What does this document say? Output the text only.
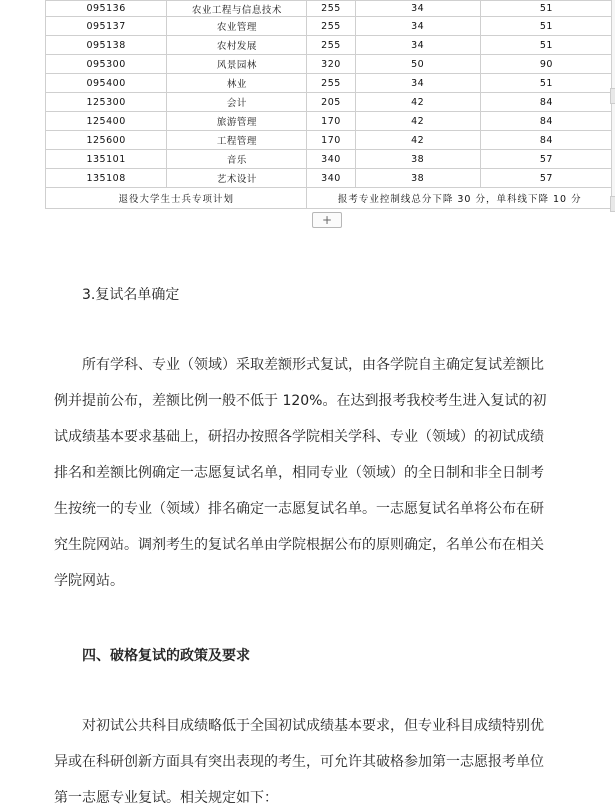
095136	农业工程与信息技术	255	34	51
095137	农业管理	255	34	51
095138	农村发展	255	34	51
095300	风景园林	320	50	90
095400	林业	255	34	51
125300	会计	205	42	84
125400	旅游管理	170	42	84
125600	工程管理	170	42	84
135101	音乐	340	38	57
135108	艺术设计	340	38	57
退役大学生士兵专项计划		报考专业控制线总分下降 30 分，单科线下降 10 分		
+
3.复试名单确定
所有学科、专业（领域）采取差额形式复试，由各学院自主确定复试差额比
例并提前公布，差额比例一般不低于 120%。在达到报考我校考生进入复试的初
试成绩基本要求基础上，研招办按照各学院相关学科、专业（领域）的初试成绩
排名和差额比例确定一志愿复试名单，相同专业（领域）的全日制和非全日制考
生按统一的专业（领域）排名确定一志愿复试名单。一志愿复试名单将公布在研
究生院网站。调剂考生的复试名单由学院根据公布的原则确定，名单公布在相关
学院网站。
四、破格复试的政策及要求
对初试公共科目成绩略低于全国初试成绩基本要求，但专业科目成绩特别优
异或在科研创新方面具有突出表现的考生，可允许其破格参加第一志愿报考单位
第一志愿专业复试。相关规定如下：
